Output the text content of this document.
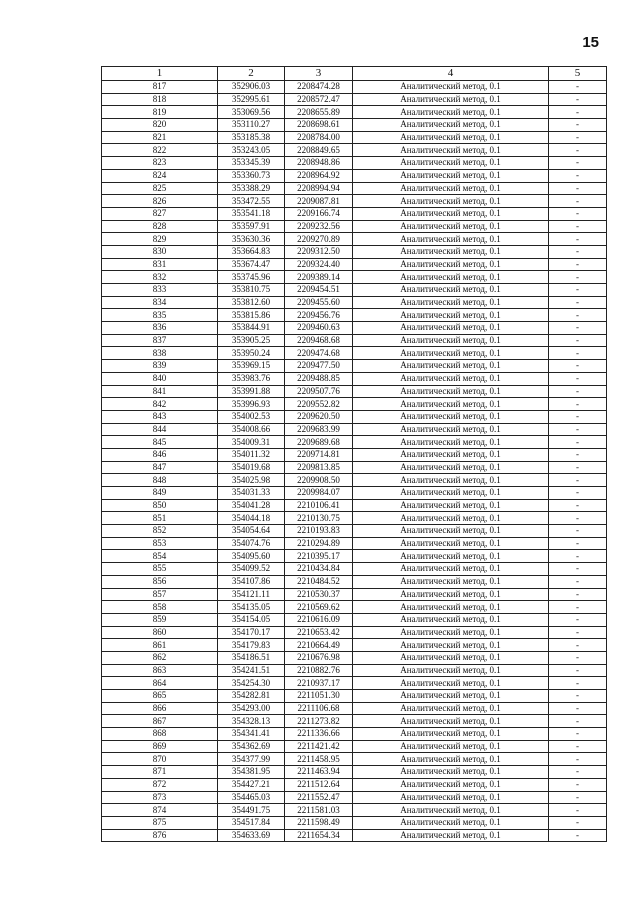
15
1	2	3	4	5
817	352906.03	2208474.28	Аналитический метод, 0.1	-
818	352995.61	2208572.47	Аналитический метод, 0.1	-
819	353069.56	2208655.89	Аналитический метод, 0.1	-
820	353110.27	2208698.61	Аналитический метод, 0.1	-
821	353185.38	2208784.00	Аналитический метод, 0.1	-
822	353243.05	2208849.65	Аналитический метод, 0.1	-
823	353345.39	2208948.86	Аналитический метод, 0.1	-
824	353360.73	2208964.92	Аналитический метод, 0.1	-
825	353388.29	2208994.94	Аналитический метод, 0.1	-
826	353472.55	2209087.81	Аналитический метод, 0.1	-
827	353541.18	2209166.74	Аналитический метод, 0.1	-
828	353597.91	2209232.56	Аналитический метод, 0.1	-
829	353630.36	2209270.89	Аналитический метод, 0.1	-
830	353664.83	2209312.50	Аналитический метод, 0.1	-
831	353674.47	2209324.40	Аналитический метод, 0.1	-
832	353745.96	2209389.14	Аналитический метод, 0.1	-
833	353810.75	2209454.51	Аналитический метод, 0.1	-
834	353812.60	2209455.60	Аналитический метод, 0.1	-
835	353815.86	2209456.76	Аналитический метод, 0.1	-
836	353844.91	2209460.63	Аналитический метод, 0.1	-
837	353905.25	2209468.68	Аналитический метод, 0.1	-
838	353950.24	2209474.68	Аналитический метод, 0.1	-
839	353969.15	2209477.50	Аналитический метод, 0.1	-
840	353983.76	2209488.85	Аналитический метод, 0.1	-
841	353991.88	2209507.76	Аналитический метод, 0.1	-
842	353996.93	2209552.82	Аналитический метод, 0.1	-
843	354002.53	2209620.50	Аналитический метод, 0.1	-
844	354008.66	2209683.99	Аналитический метод, 0.1	-
845	354009.31	2209689.68	Аналитический метод, 0.1	-
846	354011.32	2209714.81	Аналитический метод, 0.1	-
847	354019.68	2209813.85	Аналитический метод, 0.1	-
848	354025.98	2209908.50	Аналитический метод, 0.1	-
849	354031.33	2209984.07	Аналитический метод, 0.1	-
850	354041.28	2210106.41	Аналитический метод, 0.1	-
851	354044.18	2210130.75	Аналитический метод, 0.1	-
852	354054.64	2210193.83	Аналитический метод, 0.1	-
853	354074.76	2210294.89	Аналитический метод, 0.1	-
854	354095.60	2210395.17	Аналитический метод, 0.1	-
855	354099.52	2210434.84	Аналитический метод, 0.1	-
856	354107.86	2210484.52	Аналитический метод, 0.1	-
857	354121.11	2210530.37	Аналитический метод, 0.1	-
858	354135.05	2210569.62	Аналитический метод, 0.1	-
859	354154.05	2210616.09	Аналитический метод, 0.1	-
860	354170.17	2210653.42	Аналитический метод, 0.1	-
861	354179.83	2210664.49	Аналитический метод, 0.1	-
862	354186.51	2210676.98	Аналитический метод, 0.1	-
863	354241.51	2210882.76	Аналитический метод, 0.1	-
864	354254.30	2210937.17	Аналитический метод, 0.1	-
865	354282.81	2211051.30	Аналитический метод, 0.1	-
866	354293.00	2211106.68	Аналитический метод, 0.1	-
867	354328.13	2211273.82	Аналитический метод, 0.1	-
868	354341.41	2211336.66	Аналитический метод, 0.1	-
869	354362.69	2211421.42	Аналитический метод, 0.1	-
870	354377.99	2211458.95	Аналитический метод, 0.1	-
871	354381.95	2211463.94	Аналитический метод, 0.1	-
872	354427.21	2211512.64	Аналитический метод, 0.1	-
873	354465.03	2211552.47	Аналитический метод, 0.1	-
874	354491.75	2211581.03	Аналитический метод, 0.1	-
875	354517.84	2211598.49	Аналитический метод, 0.1	-
876	354633.69	2211654.34	Аналитический метод, 0.1	-
